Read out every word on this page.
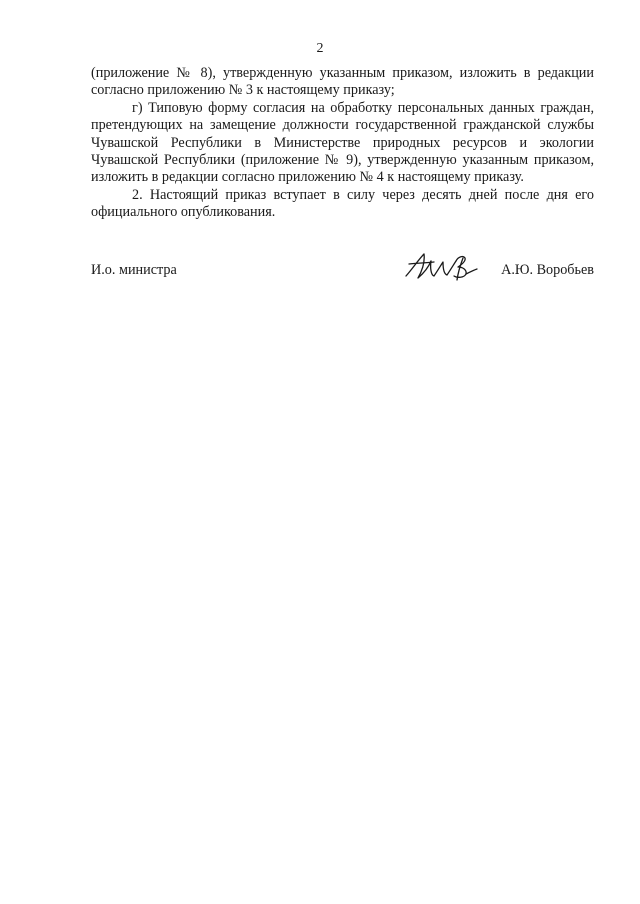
2

(приложение № 8), утвержденную указанным приказом, изложить в редакции согласно приложению № 3 к настоящему приказу;

г) Типовую форму согласия на обработку персональных данных граждан, претендующих на замещение должности государственной гражданской службы Чувашской Республики в Министерстве природных ресурсов и экологии Чувашской Республики (приложение № 9), утвержденную указанным приказом, изложить в редакции согласно приложению № 4 к настоящему приказу.

2. Настоящий приказ вступает в силу через десять дней после дня его официального опубликования.

И.о. министра	А.Ю. Воробьев
